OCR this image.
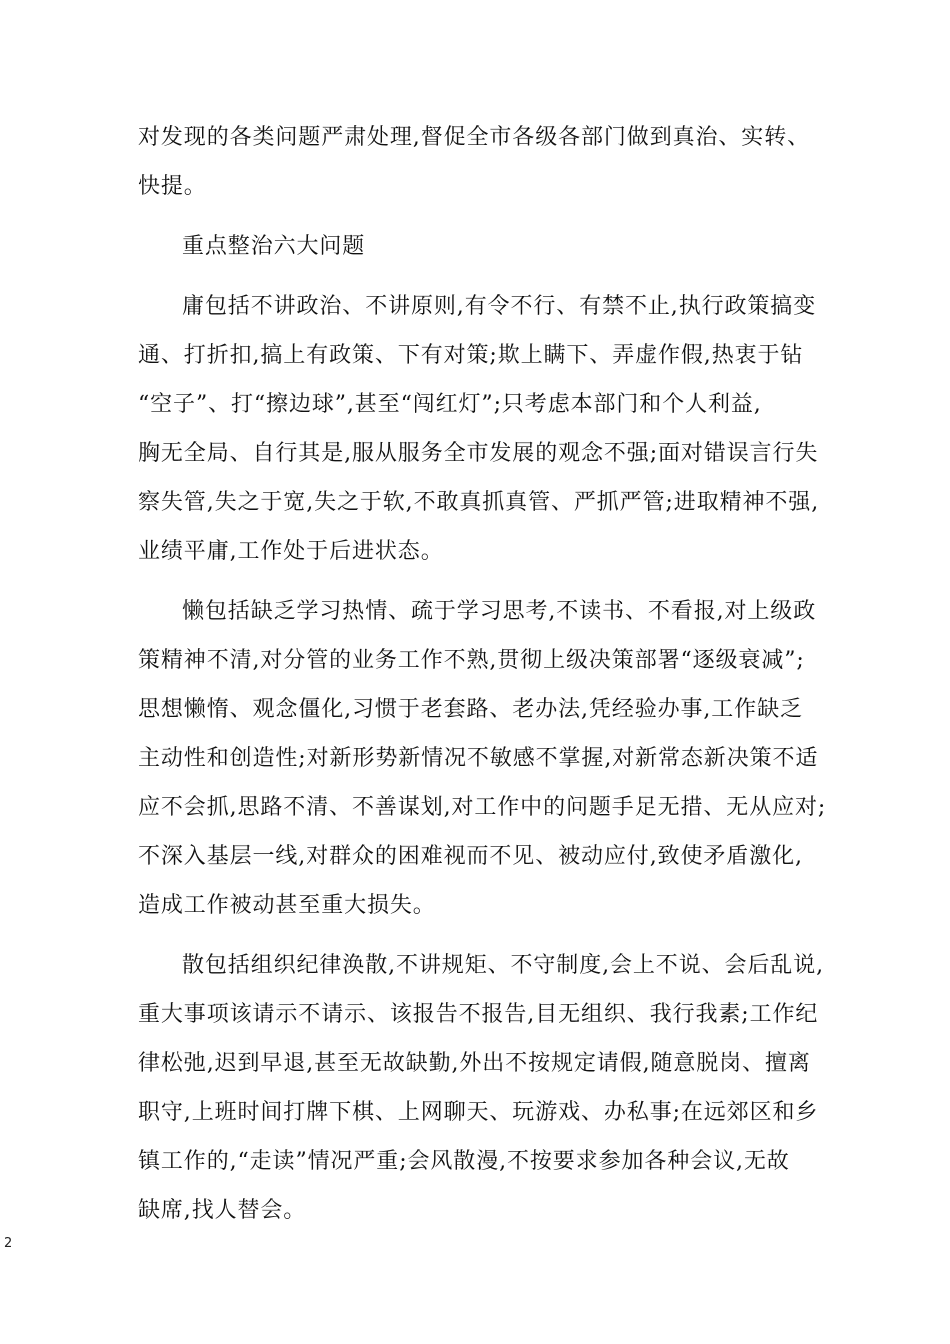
对发现的各类问题严肃处理,督促全市各级各部门做到真治、实转、
快提。
重点整治六大问题
庸包括不讲政治、不讲原则,有令不行、有禁不止,执行政策搞变
通、打折扣,搞上有政策、下有对策;欺上瞒下、弄虚作假,热衷于钻
“空子”、打“擦边球”,甚至“闯红灯”;只考虑本部门和个人利益,
胸无全局、自行其是,服从服务全市发展的观念不强;面对错误言行失
察失管,失之于宽,失之于软,不敢真抓真管、严抓严管;进取精神不强,
业绩平庸,工作处于后进状态。
懒包括缺乏学习热情、疏于学习思考,不读书、不看报,对上级政
策精神不清,对分管的业务工作不熟,贯彻上级决策部署“逐级衰减”;
思想懒惰、观念僵化,习惯于老套路、老办法,凭经验办事,工作缺乏
主动性和创造性;对新形势新情况不敏感不掌握,对新常态新决策不适
应不会抓,思路不清、不善谋划,对工作中的问题手足无措、无从应对;
不深入基层一线,对群众的困难视而不见、被动应付,致使矛盾激化,
造成工作被动甚至重大损失。
散包括组织纪律涣散,不讲规矩、不守制度,会上不说、会后乱说,
重大事项该请示不请示、该报告不报告,目无组织、我行我素;工作纪
律松弛,迟到早退,甚至无故缺勤,外出不按规定请假,随意脱岗、擅离
职守,上班时间打牌下棋、上网聊天、玩游戏、办私事;在远郊区和乡
镇工作的,“走读”情况严重;会风散漫,不按要求参加各种会议,无故
缺席,找人替会。
2
